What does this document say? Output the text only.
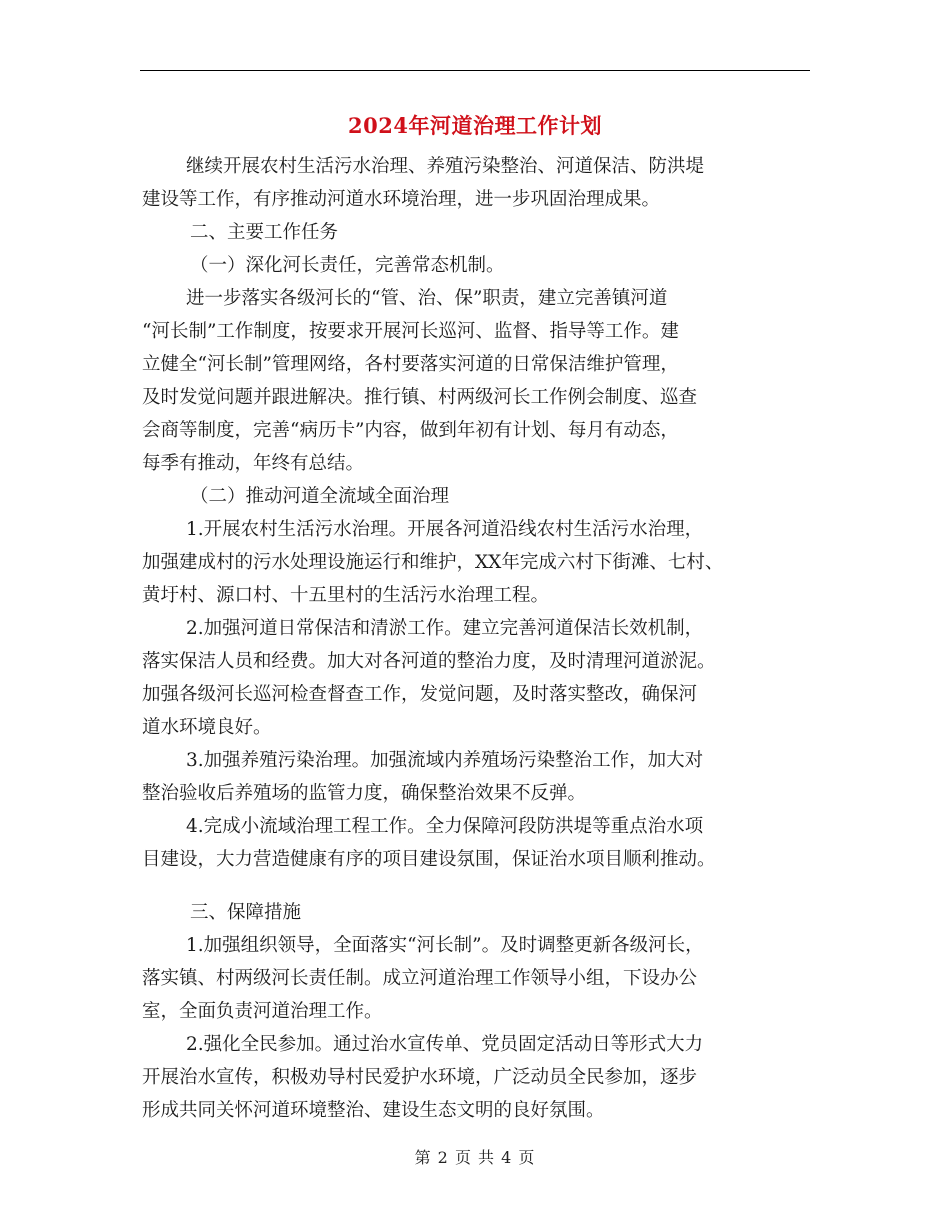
2024年河道治理工作计划
继续开展农村生活污水治理、养殖污染整治、河道保洁、防洪堤
建设等工作，有序推动河道水环境治理，进一步巩固治理成果。
二、主要工作任务
（一）深化河长责任，完善常态机制。
进一步落实各级河长的“管、治、保”职责，建立完善镇河道
“河长制”工作制度，按要求开展河长巡河、监督、指导等工作。建
立健全“河长制”管理网络，各村要落实河道的日常保洁维护管理，
及时发觉问题并跟进解决。推行镇、村两级河长工作例会制度、巡查
会商等制度，完善“病历卡”内容，做到年初有计划、每月有动态，
每季有推动，年终有总结。
（二）推动河道全流域全面治理
1.开展农村生活污水治理。开展各河道沿线农村生活污水治理，
加强建成村的污水处理设施运行和维护，XX年完成六村下街滩、七村、
黄圩村、源口村、十五里村的生活污水治理工程。
2.加强河道日常保洁和清淤工作。建立完善河道保洁长效机制，
落实保洁人员和经费。加大对各河道的整治力度，及时清理河道淤泥。
加强各级河长巡河检查督查工作，发觉问题，及时落实整改，确保河
道水环境良好。
3.加强养殖污染治理。加强流域内养殖场污染整治工作，加大对
整治验收后养殖场的监管力度，确保整治效果不反弹。
4.完成小流域治理工程工作。全力保障河段防洪堤等重点治水项
目建设，大力营造健康有序的项目建设氛围，保证治水项目顺利推动。
三、保障措施
1.加强组织领导，全面落实“河长制”。及时调整更新各级河长，
落实镇、村两级河长责任制。成立河道治理工作领导小组，下设办公
室，全面负责河道治理工作。
2.强化全民参加。通过治水宣传单、党员固定活动日等形式大力
开展治水宣传，积极劝导村民爱护水环境，广泛动员全民参加，逐步
形成共同关怀河道环境整治、建设生态文明的良好氛围。
第 2 页 共 4 页
